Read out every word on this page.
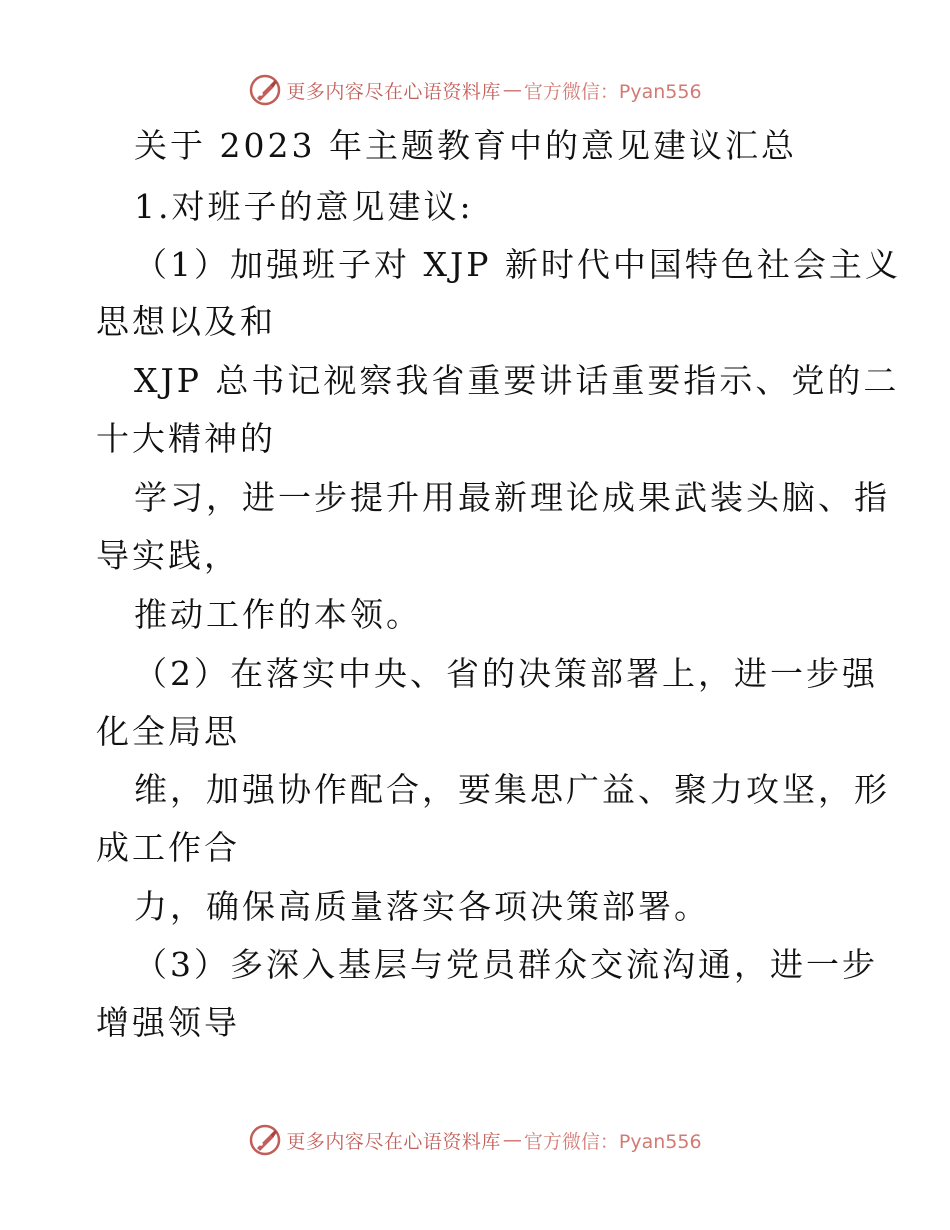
更多内容尽在心语资料库 — 官方微信：Pyan556
关于 2023 年主题教育中的意见建议汇总
1.对班子的意见建议:
（1）加强班子对 XJP 新时代中国特色社会主义
思想以及和
XJP 总书记视察我省重要讲话重要指示、党的二
十大精神的
学习，进一步提升用最新理论成果武装头脑、指
导实践，
推动工作的本领。
（2）在落实中央、省的决策部署上，进一步强
化全局思
维，加强协作配合，要集思广益、聚力攻坚，形
成工作合
力，确保高质量落实各项决策部署。
（3）多深入基层与党员群众交流沟通，进一步
增强领导
更多内容尽在心语资料库 — 官方微信：Pyan556
